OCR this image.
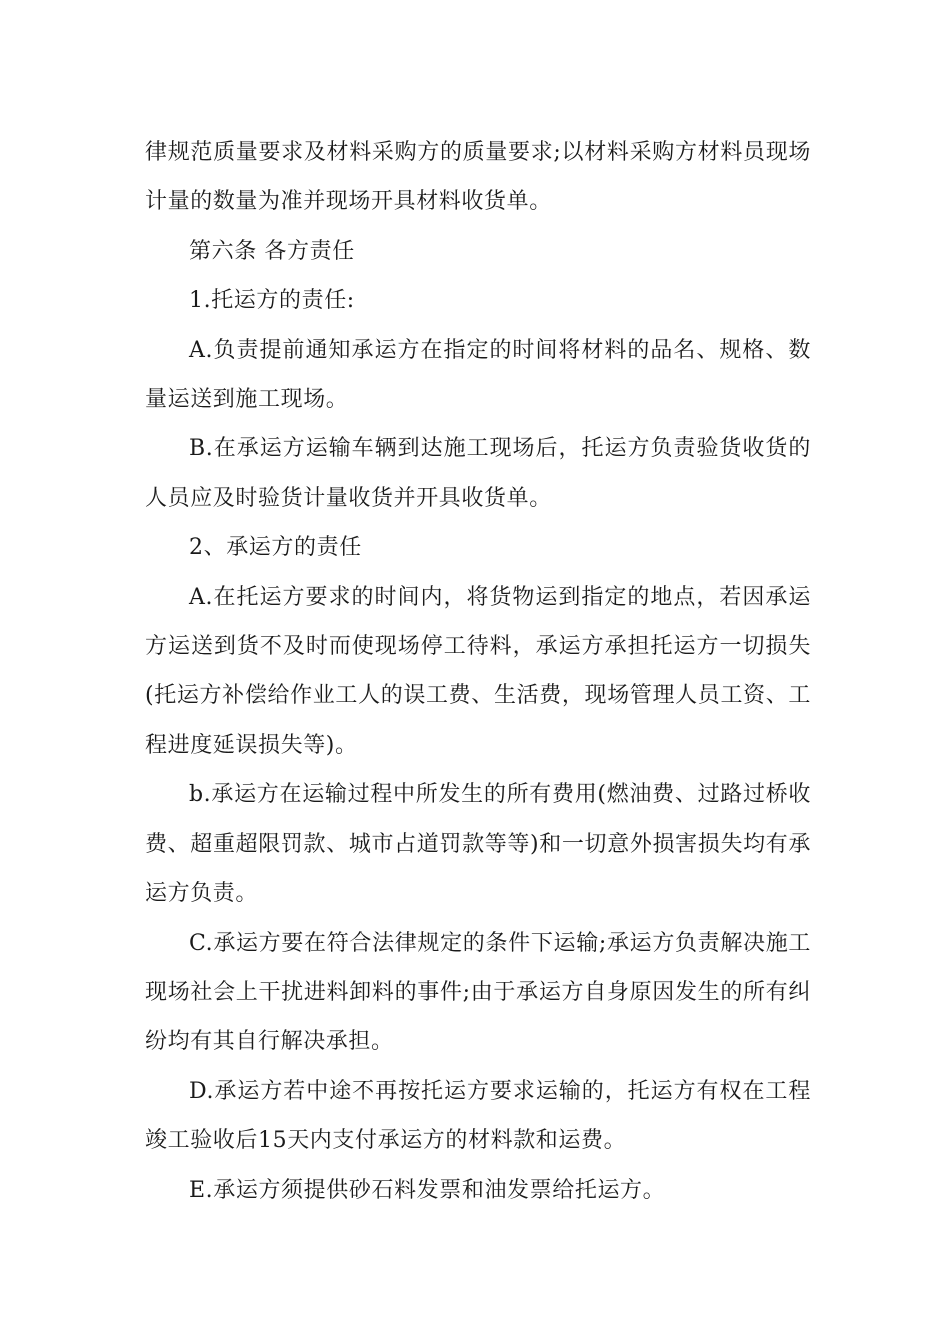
律规范质量要求及材料采购方的质量要求;以材料采购方材料员现场计量的数量为准并现场开具材料收货单。

第六条 各方责任

1.托运方的责任:

A.负责提前通知承运方在指定的时间将材料的品名、规格、数量运送到施工现场。

B.在承运方运输车辆到达施工现场后，托运方负责验货收货的人员应及时验货计量收货并开具收货单。

2、承运方的责任

A.在托运方要求的时间内，将货物运到指定的地点，若因承运方运送到货不及时而使现场停工待料，承运方承担托运方一切损失(托运方补偿给作业工人的误工费、生活费，现场管理人员工资、工程进度延误损失等)。

b.承运方在运输过程中所发生的所有费用(燃油费、过路过桥收费、超重超限罚款、城市占道罚款等等)和一切意外损害损失均有承运方负责。

C.承运方要在符合法律规定的条件下运输;承运方负责解决施工现场社会上干扰进料卸料的事件;由于承运方自身原因发生的所有纠纷均有其自行解决承担。

D.承运方若中途不再按托运方要求运输的，托运方有权在工程竣工验收后15天内支付承运方的材料款和运费。

E.承运方须提供砂石料发票和油发票给托运方。
